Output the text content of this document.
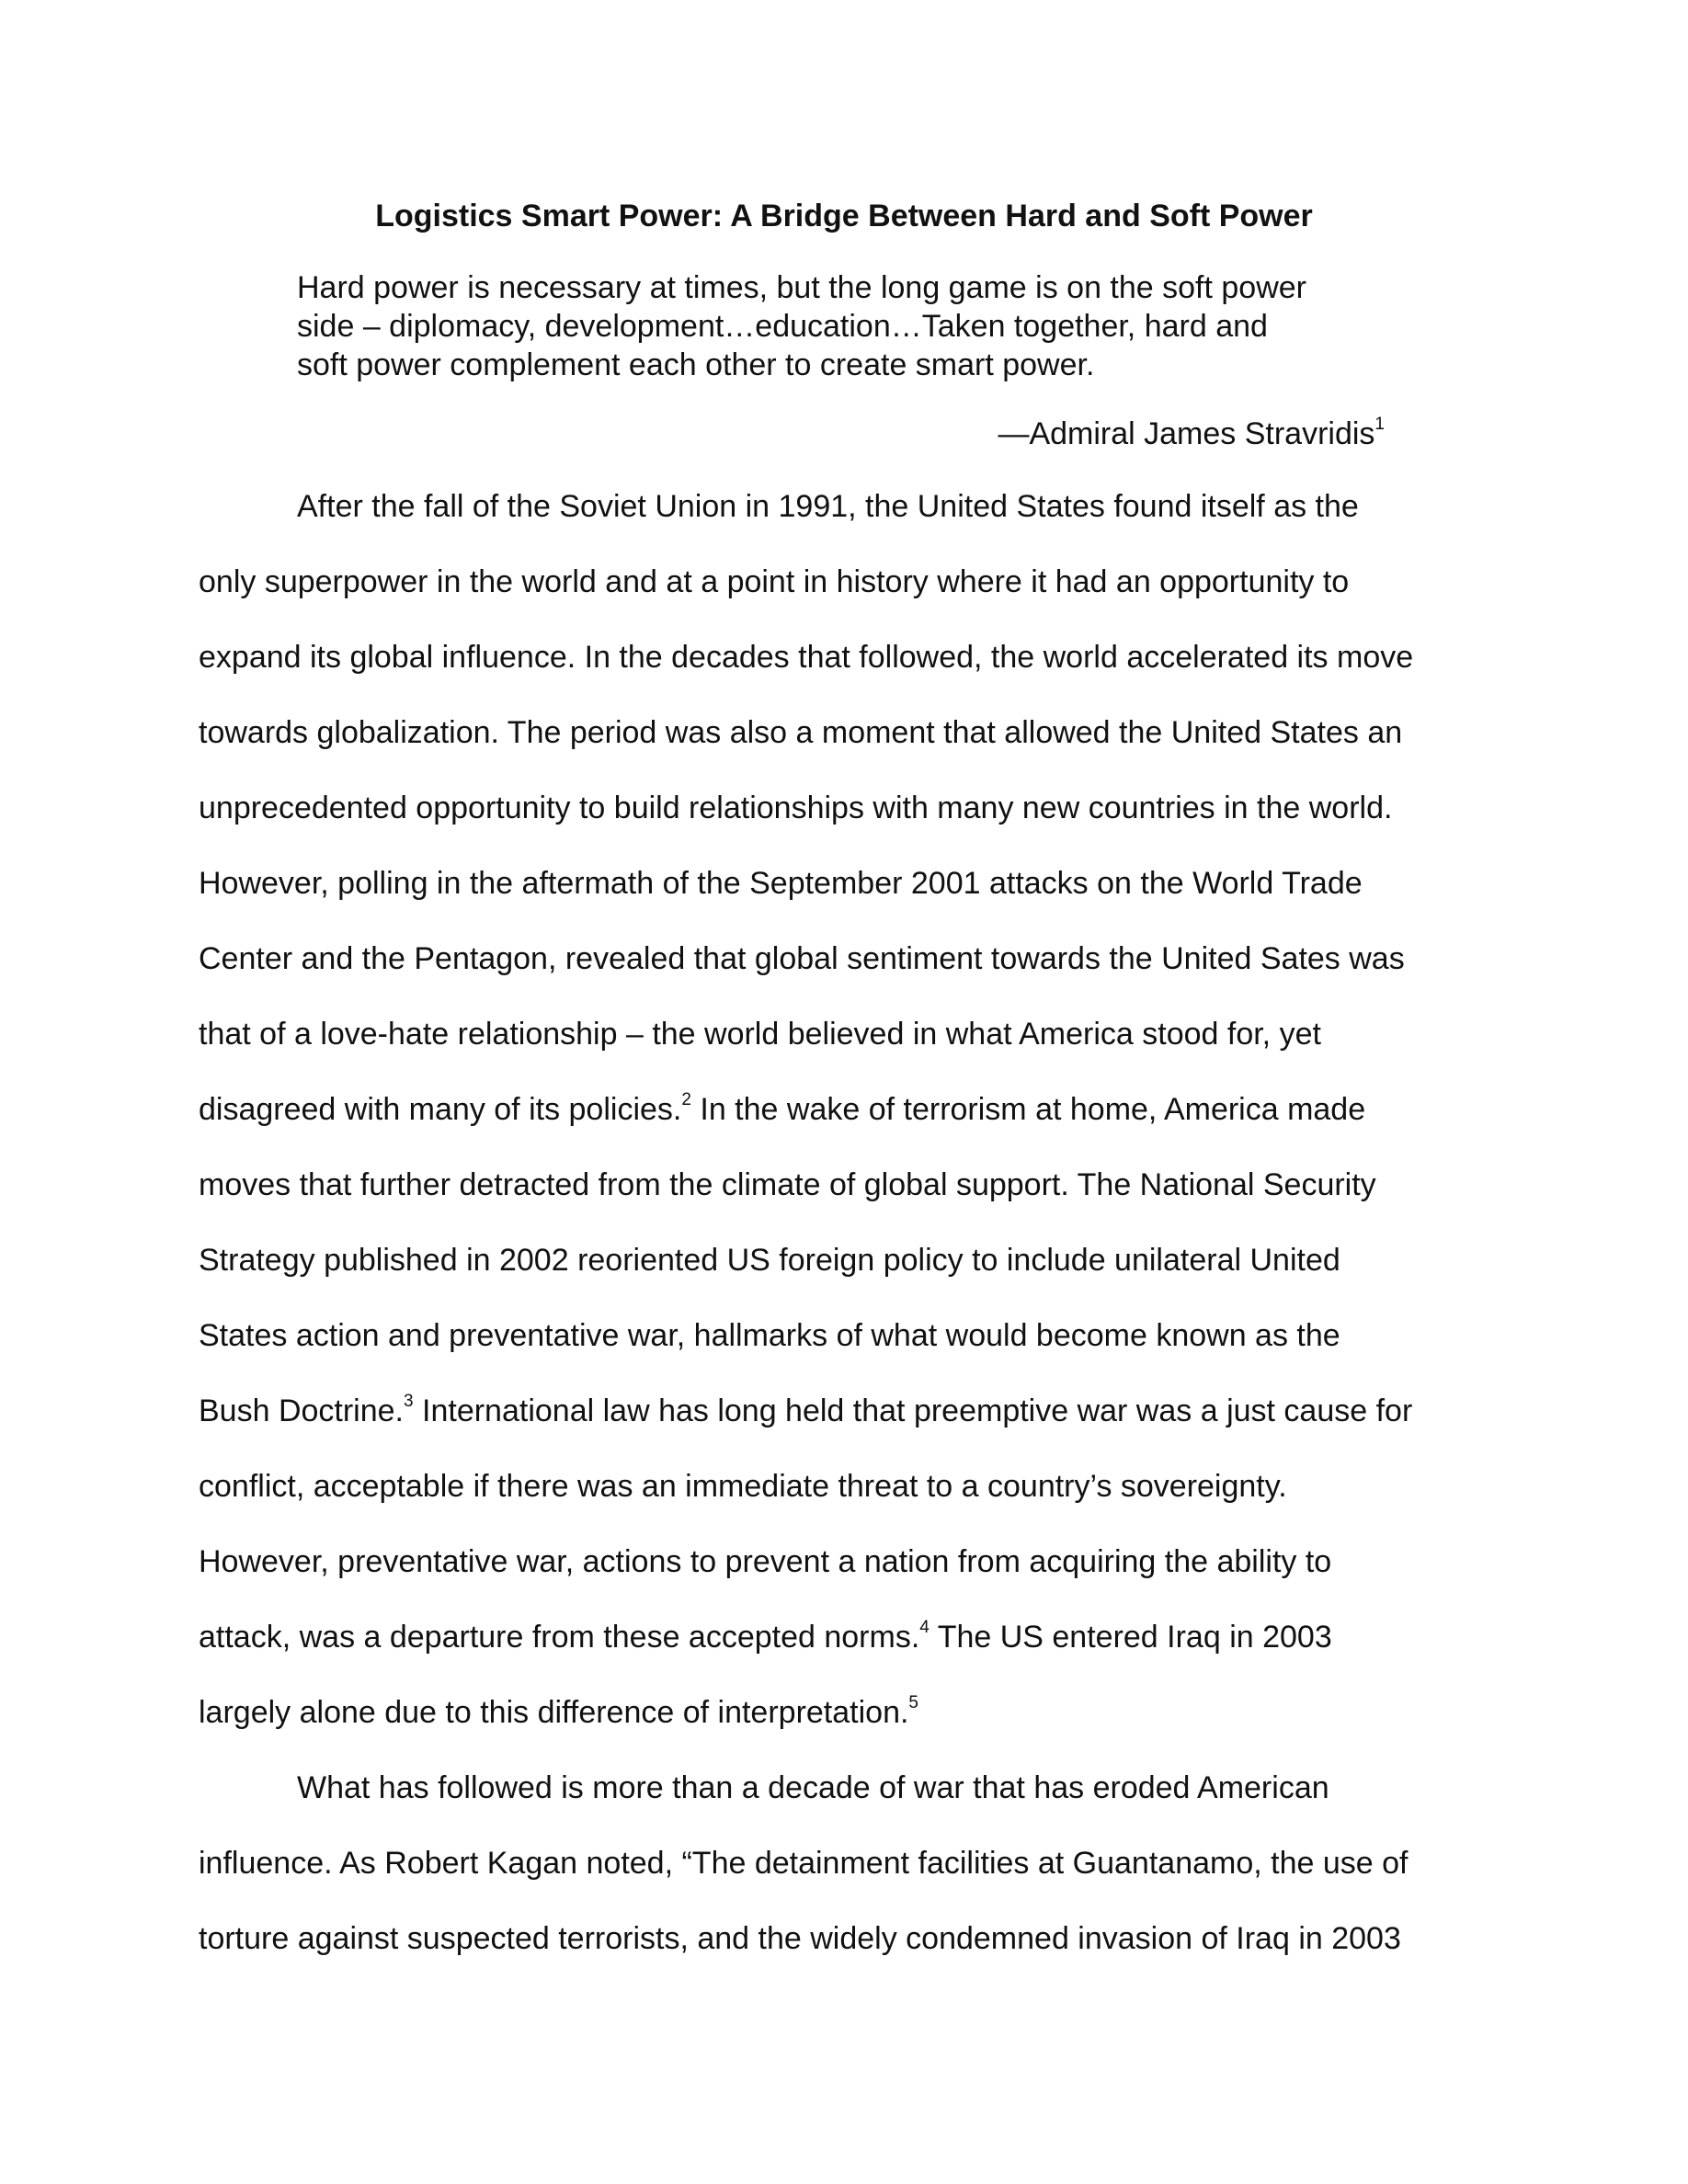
Logistics Smart Power: A Bridge Between Hard and Soft Power
Hard power is necessary at times, but the long game is on the soft power
side – diplomacy, development…education…Taken together, hard and
soft power complement each other to create smart power.
—Admiral James Stravridis$^1$

After the fall of the Soviet Union in 1991, the United States found itself as the

only superpower in the world and at a point in history where it had an opportunity to

expand its global influence. In the decades that followed, the world accelerated its move

towards globalization. The period was also a moment that allowed the United States an

unprecedented opportunity to build relationships with many new countries in the world.

However, polling in the aftermath of the September 2001 attacks on the World Trade

Center and the Pentagon, revealed that global sentiment towards the United Sates was

that of a love-hate relationship – the world believed in what America stood for, yet

disagreed with many of its policies.$^2$ In the wake of terrorism at home, America made

moves that further detracted from the climate of global support. The National Security

Strategy published in 2002 reoriented US foreign policy to include unilateral United

States action and preventative war, hallmarks of what would become known as the

Bush Doctrine.$^3$ International law has long held that preemptive war was a just cause for

conflict, acceptable if there was an immediate threat to a country’s sovereignty.

However, preventative war, actions to prevent a nation from acquiring the ability to

attack, was a departure from these accepted norms.$^4$ The US entered Iraq in 2003

largely alone due to this difference of interpretation.$^5$

What has followed is more than a decade of war that has eroded American

influence. As Robert Kagan noted, “The detainment facilities at Guantanamo, the use of

torture against suspected terrorists, and the widely condemned invasion of Iraq in 2003
